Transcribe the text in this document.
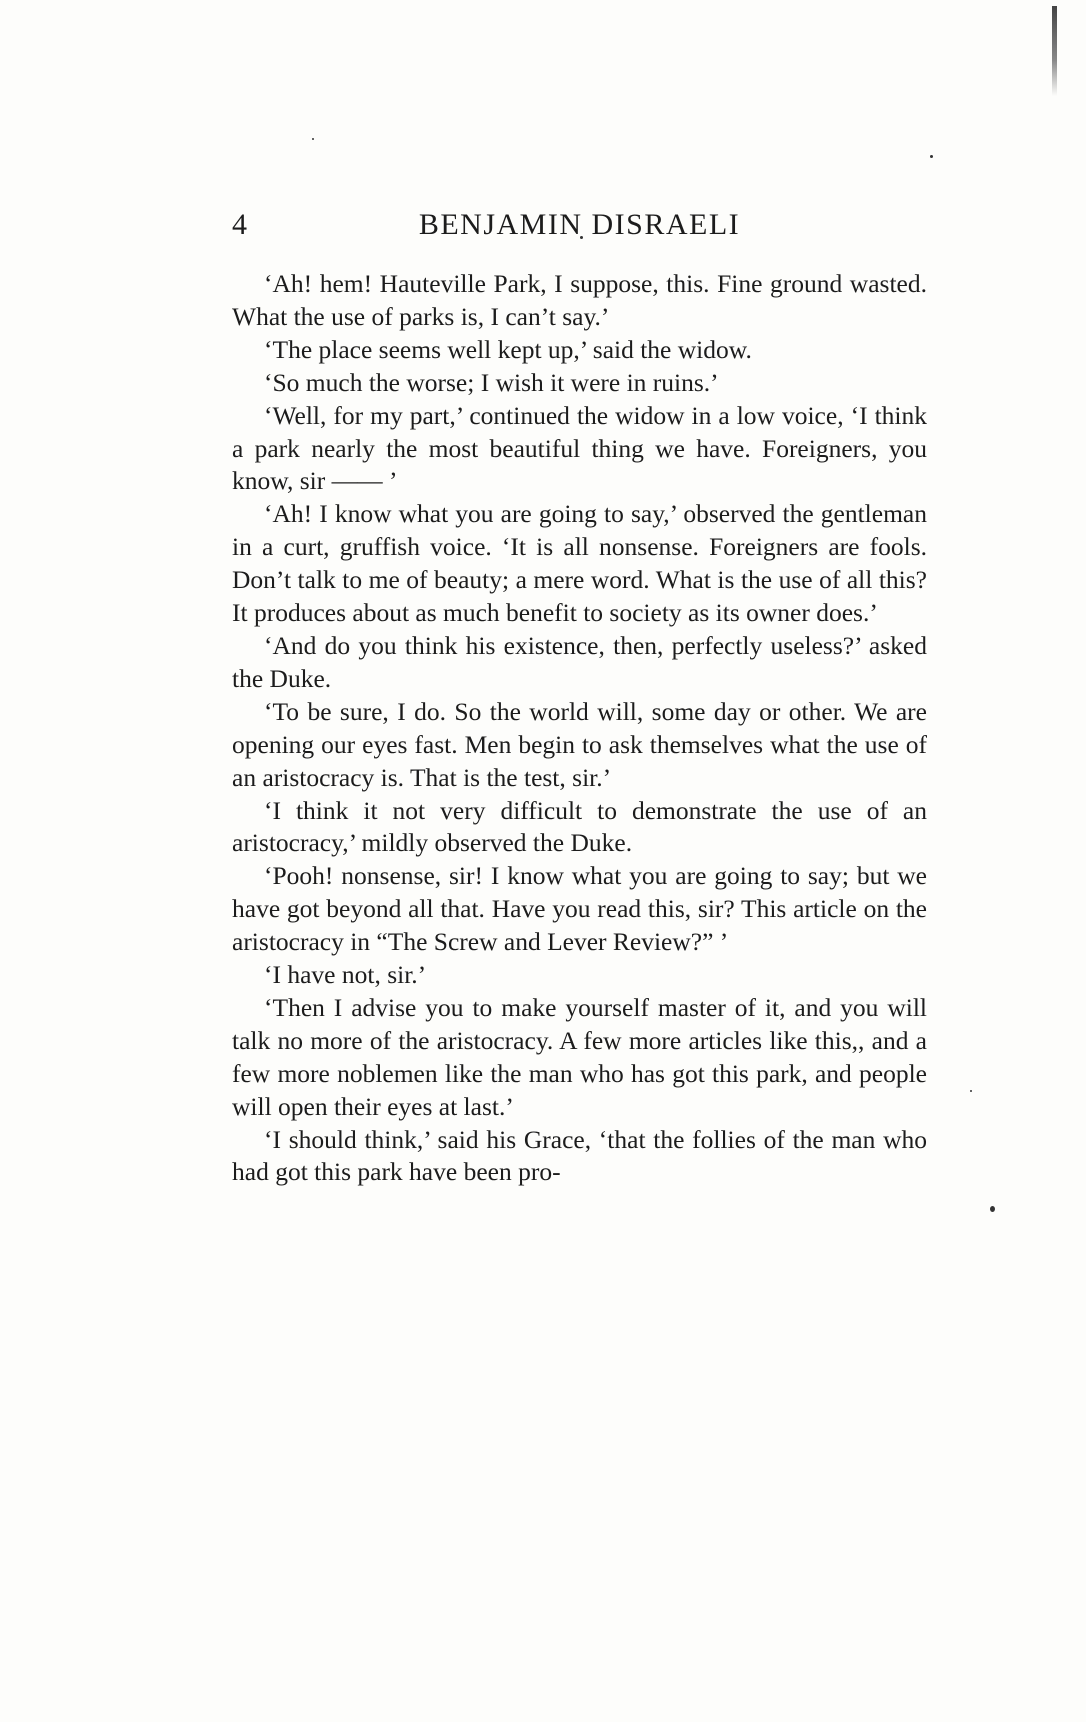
4	BENJAMIN DISRAELI

‘Ah! hem! Hauteville Park, I suppose, this. Fine ground wasted. What the use of parks is, I can’t say.’

‘The place seems well kept up,’ said the widow.

‘So much the worse; I wish it were in ruins.’

‘Well, for my part,’ continued the widow in a low voice, ‘I think a park nearly the most beautiful thing we have. Foreigners, you know, sir —— ’

‘Ah! I know what you are going to say,’ observed the gentleman in a curt, gruffish voice. ‘It is all nonsense. Foreigners are fools. Don’t talk to me of beauty; a mere word. What is the use of all this? It produces about as much benefit to society as its owner does.’

‘And do you think his existence, then, perfectly useless?’ asked the Duke.

‘To be sure, I do. So the world will, some day or other. We are opening our eyes fast. Men begin to ask themselves what the use of an aristocracy is. That is the test, sir.’

‘I think it not very difficult to demonstrate the use of an aristocracy,’ mildly observed the Duke.

‘Pooh! nonsense, sir! I know what you are going to say; but we have got beyond all that. Have you read this, sir? This article on the aristocracy in “The Screw and Lever Review?” ’

‘I have not, sir.’

‘Then I advise you to make yourself master of it, and you will talk no more of the aristocracy. A few more articles like this,, and a few more noblemen like the man who has got this park, and people will open their eyes at last.’

‘I should think,’ said his Grace, ‘that the follies of the man who had got this park have been pro-
